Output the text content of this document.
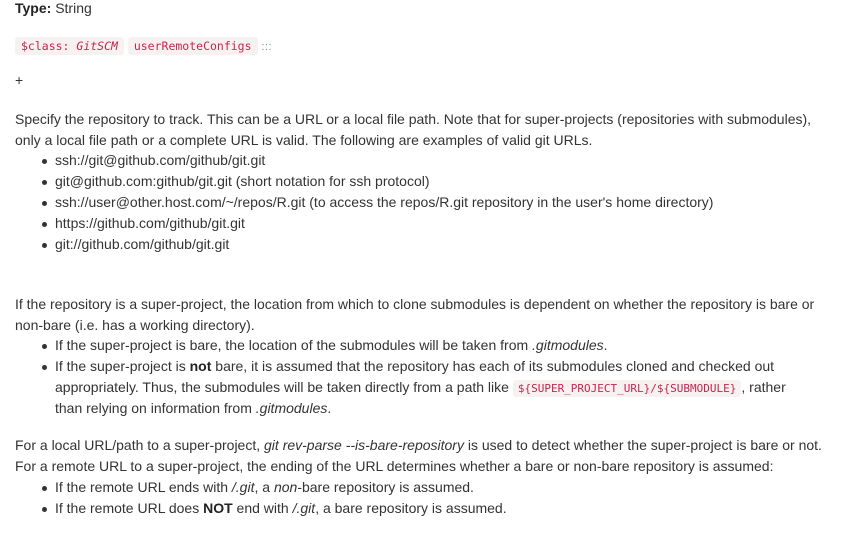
Type: String
$class: GitSCM userRemoteConfigs :::
+
Specify the repository to track. This can be a URL or a local file path. Note that for super-projects (repositories with submodules),
only a local file path or a complete URL is valid. The following are examples of valid git URLs.
ssh://git@github.com/github/git.git
git@github.com:github/git.git (short notation for ssh protocol)
ssh://user@other.host.com/~/repos/R.git (to access the repos/R.git repository in the user's home directory)
https://github.com/github/git.git
git://github.com/github/git.git
If the repository is a super-project, the location from which to clone submodules is dependent on whether the repository is bare or
non-bare (i.e. has a working directory).
If the super-project is bare, the location of the submodules will be taken from .gitmodules.
If the super-project is not bare, it is assumed that the repository has each of its submodules cloned and checked out
appropriately. Thus, the submodules will be taken directly from a path like ${SUPER_PROJECT_URL}/${SUBMODULE} , rather
than relying on information from .gitmodules.
For a local URL/path to a super-project, git rev-parse --is-bare-repository is used to detect whether the super-project is bare or not.
For a remote URL to a super-project, the ending of the URL determines whether a bare or non-bare repository is assumed:
If the remote URL ends with /.git, a non-bare repository is assumed.
If the remote URL does NOT end with /.git, a bare repository is assumed.
